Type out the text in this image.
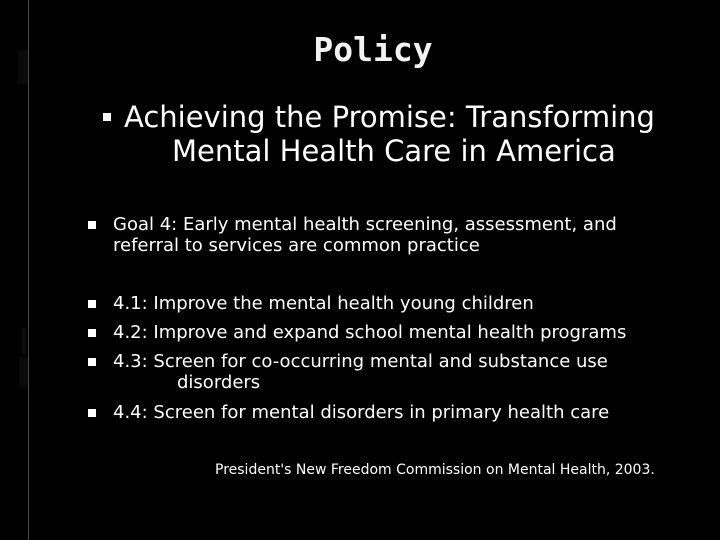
Policy
Achieving the Promise: Transforming
Mental Health Care in America
Goal 4: Early mental health screening, assessment, and
referral to services are common practice
4.1: Improve the mental health young children
4.2: Improve and expand school mental health programs
4.3: Screen for co-occurring mental and substance use
disorders
4.4: Screen for mental disorders in primary health care
President's New Freedom Commission on Mental Health, 2003.
